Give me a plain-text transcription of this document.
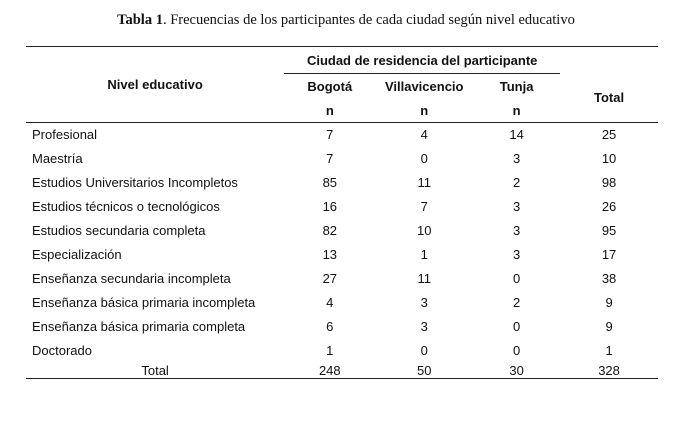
Tabla 1. Frecuencias de los participantes de cada ciudad según nivel educativo
Nivel educativo	Ciudad de residencia del participante			
	Bogotá	Villavicencio	Tunja	Total
	n	n	n	
Profesional	7	4	14	25
Maestría	7	0	3	10
Estudios Universitarios Incompletos	85	11	2	98
Estudios técnicos o tecnológicos	16	7	3	26
Estudios secundaria completa	82	10	3	95
Especialización	13	1	3	17
Enseñanza secundaria incompleta	27	11	0	38
Enseñanza básica primaria incompleta	4	3	2	9
Enseñanza básica primaria completa	6	3	0	9
Doctorado	1	0	0	1
Total	248	50	30	328
